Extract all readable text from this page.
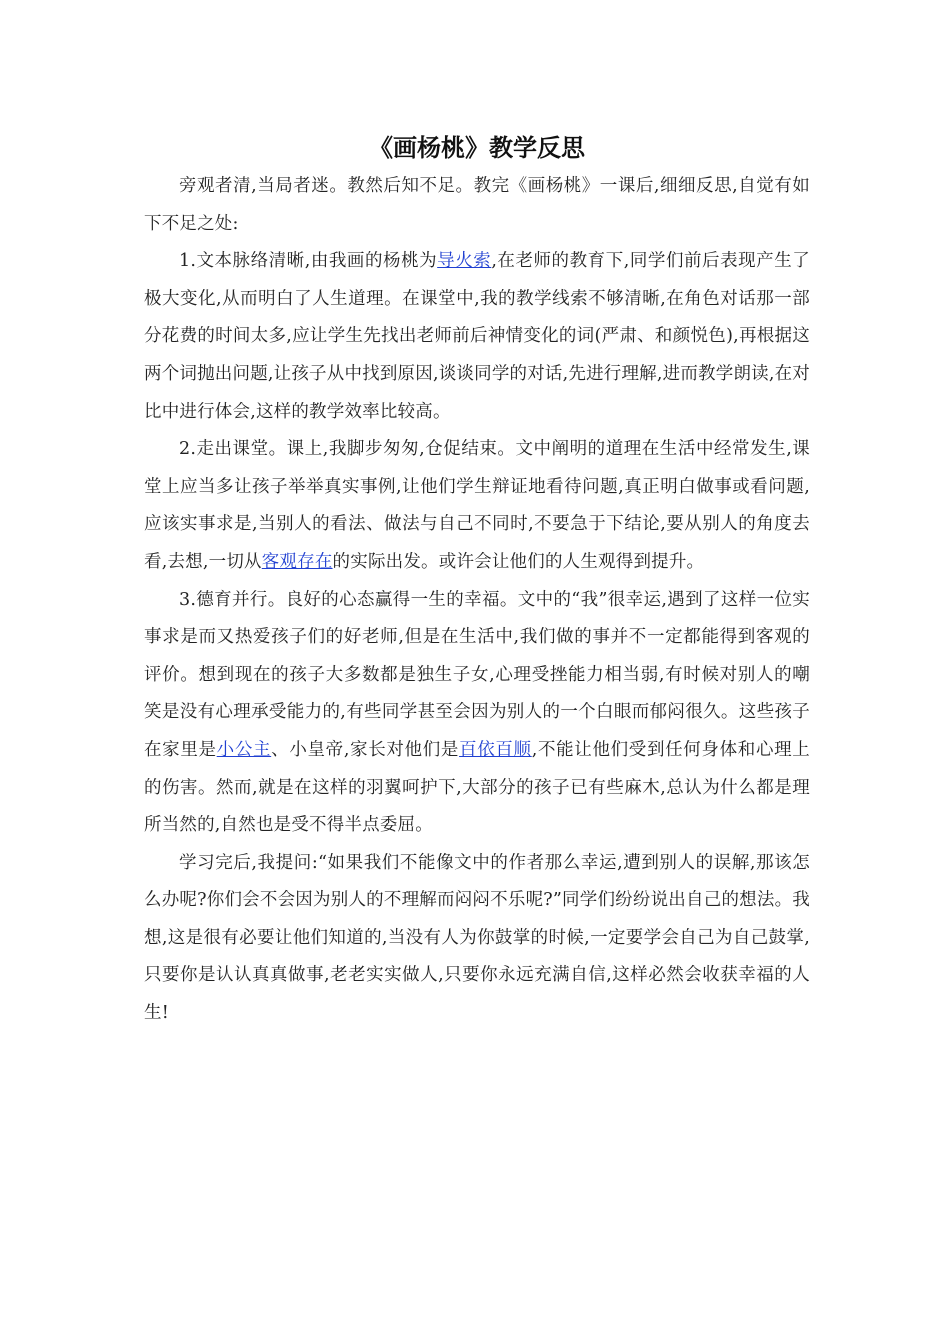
《画杨桃》教学反思

旁观者清,当局者迷。教然后知不足。教完《画杨桃》一课后,细细反思,自觉有如下不足之处:

1.文本脉络清晰,由我画的杨桃为导火索,在老师的教育下,同学们前后表现产生了极大变化,从而明白了人生道理。在课堂中,我的教学线索不够清晰,在角色对话那一部分花费的时间太多,应让学生先找出老师前后神情变化的词(严肃、和颜悦色),再根据这两个词抛出问题,让孩子从中找到原因,谈谈同学的对话,先进行理解,进而教学朗读,在对比中进行体会,这样的教学效率比较高。

2.走出课堂。课上,我脚步匆匆,仓促结束。文中阐明的道理在生活中经常发生,课堂上应当多让孩子举举真实事例,让他们学生辩证地看待问题,真正明白做事或看问题,应该实事求是,当别人的看法、做法与自己不同时,不要急于下结论,要从别人的角度去看,去想,一切从客观存在的实际出发。或许会让他们的人生观得到提升。

3.德育并行。良好的心态赢得一生的幸福。文中的“我”很幸运,遇到了这样一位实事求是而又热爱孩子们的好老师,但是在生活中,我们做的事并不一定都能得到客观的评价。想到现在的孩子大多数都是独生子女,心理受挫能力相当弱,有时候对别人的嘲笑是没有心理承受能力的,有些同学甚至会因为别人的一个白眼而郁闷很久。这些孩子在家里是小公主、小皇帝,家长对他们是百依百顺,不能让他们受到任何身体和心理上的伤害。然而,就是在这样的羽翼呵护下,大部分的孩子已有些麻木,总认为什么都是理所当然的,自然也是受不得半点委屈。

学习完后,我提问:“如果我们不能像文中的作者那么幸运,遭到别人的误解,那该怎么办呢?你们会不会因为别人的不理解而闷闷不乐呢?”同学们纷纷说出自己的想法。我想,这是很有必要让他们知道的,当没有人为你鼓掌的时候,一定要学会自己为自己鼓掌,只要你是认认真真做事,老老实实做人,只要你永远充满自信,这样必然会收获幸福的人生!
